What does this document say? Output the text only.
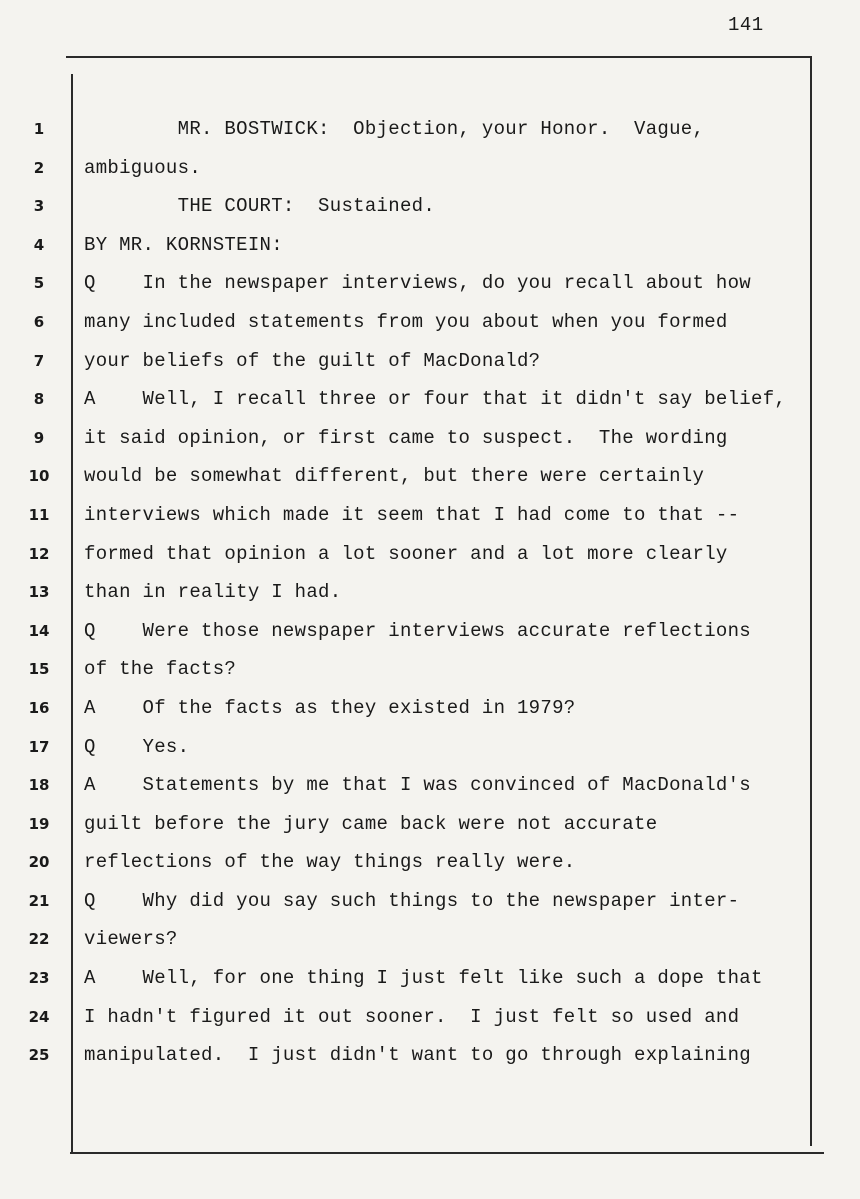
141
1	MR. BOSTWICK:  Objection, your Honor.  Vague,
2	ambiguous.
3	THE COURT:  Sustained.
4	BY MR. KORNSTEIN:
5	Q    In the newspaper interviews, do you recall about how
6	many included statements from you about when you formed
7	your beliefs of the guilt of MacDonald?
8	A    Well, I recall three or four that it didn't say belief,
9	it said opinion, or first came to suspect.  The wording
10	would be somewhat different, but there were certainly
11	interviews which made it seem that I had come to that --
12	formed that opinion a lot sooner and a lot more clearly
13	than in reality I had.
14	Q    Were those newspaper interviews accurate reflections
15	of the facts?
16	A    Of the facts as they existed in 1979?
17	Q    Yes.
18	A    Statements by me that I was convinced of MacDonald's
19	guilt before the jury came back were not accurate
20	reflections of the way things really were.
21	Q    Why did you say such things to the newspaper inter-
22	viewers?
23	A    Well, for one thing I just felt like such a dope that
24	I hadn't figured it out sooner.  I just felt so used and
25	manipulated.  I just didn't want to go through explaining
